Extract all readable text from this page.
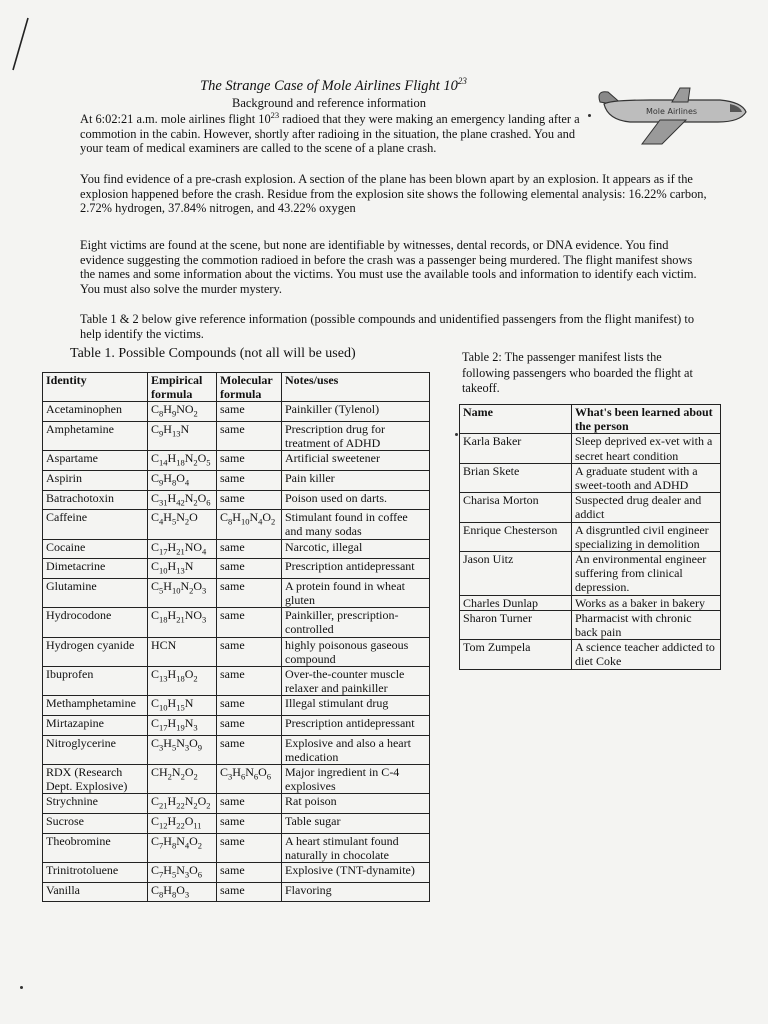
The Strange Case of Mole Airlines Flight $10^{23}$
Background and reference information
Mole Airlines
At 6:02:21 a.m. mole airlines flight $10^{23}$ radioed that they were making an emergency landing after a commotion in the cabin. However, shortly after radioing in the situation, the plane crashed. You and your team of medical examiners are called to the scene of a plane crash.
You find evidence of a pre-crash explosion. A section of the plane has been blown apart by an explosion. It appears as if the explosion happened before the crash. Residue from the explosion site shows the following elemental analysis: 16.22% carbon, 2.72% hydrogen, 37.84% nitrogen, and 43.22% oxygen
Eight victims are found at the scene, but none are identifiable by witnesses, dental records, or DNA evidence. You find evidence suggesting the commotion radioed in before the crash was a passenger being murdered. The flight manifest shows the names and some information about the victims. You must use the available tools and information to identify each victim. You must also solve the murder mystery.
Table 1 & 2 below give reference information (possible compounds and unidentified passengers from the flight manifest) to help identify the victims.
Table 1. Possible Compounds (not all will be used)	Table 2: The passenger manifest lists the following passengers who boarded the flight at takeoff.
Identity	Empirical formula	Molecular formula	Notes/uses
Acetaminophen	$C_8H_9NO_2$	same	Painkiller (Tylenol)
Amphetamine	$C_9H_{13}N$	same	Prescription drug for treatment of ADHD
Aspartame	$C_{14}H_{18}N_2O_5$	same	Artificial sweetener
Aspirin	$C_9H_8O_4$	same	Pain killer
Batrachotoxin	$C_{31}H_{42}N_2O_6$	same	Poison used on darts.
Caffeine	$C_4H_5N_2O$	$C_8H_{10}N_4O_2$	Stimulant found in coffee and many sodas
Cocaine	$C_{17}H_{21}NO_4$	same	Narcotic, illegal
Dimetacrine	$C_{10}H_{13}N$	same	Prescription antidepressant
Glutamine	$C_5H_{10}N_2O_3$	same	A protein found in wheat gluten
Hydrocodone	$C_{18}H_{21}NO_3$	same	Painkiller, prescription-controlled
Hydrogen cyanide	HCN	same	highly poisonous gaseous compound
Ibuprofen	$C_{13}H_{18}O_2$	same	Over-the-counter muscle relaxer and painkiller
Methamphetamine	$C_{10}H_{15}N$	same	Illegal stimulant drug
Mirtazapine	$C_{17}H_{19}N_3$	same	Prescription antidepressant
Nitroglycerine	$C_3H_5N_3O_9$	same	Explosive and also a heart medication
RDX (Research Dept. Explosive)	$CH_2N_2O_2$	$C_3H_6N_6O_6$	Major ingredient in C-4 explosives
Strychnine	$C_{21}H_{22}N_2O_2$	same	Rat poison
Sucrose	$C_{12}H_{22}O_{11}$	same	Table sugar
Theobromine	$C_7H_8N_4O_2$	same	A heart stimulant found naturally in chocolate
Trinitrotoluene	$C_7H_5N_3O_6$	same	Explosive (TNT-dynamite)
Vanilla	$C_8H_8O_3$	same	Flavoring
Name	What's been learned about the person
Karla Baker	Sleep deprived ex-vet with a secret heart condition
Brian Skete	A graduate student with a sweet-tooth and ADHD
Charisa Morton	Suspected drug dealer and addict
Enrique Chesterson	A disgruntled civil engineer specializing in demolition
Jason Uitz	An environmental engineer suffering from clinical depression.
Charles Dunlap	Works as a baker in bakery
Sharon Turner	Pharmacist with chronic back pain
Tom Zumpela	A science teacher addicted to diet Coke
